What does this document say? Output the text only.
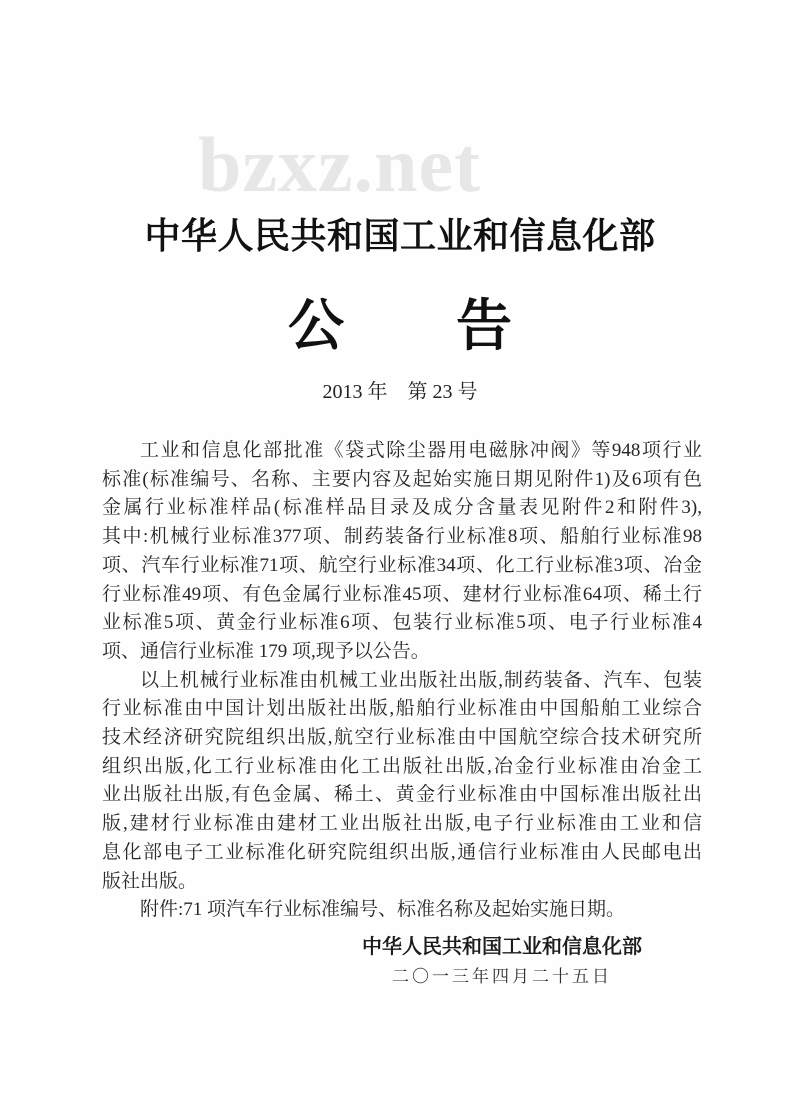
bzxz.net
中华人民共和国工业和信息化部
公　　告
2013 年　第 23 号
工业和信息化部批准《袋式除尘器用电磁脉冲阀》等948项行业
标准(标准编号、名称、主要内容及起始实施日期见附件1)及6项有色
金属行业标准样品(标准样品目录及成分含量表见附件2和附件3),
其中:机械行业标准377项、制药装备行业标准8项、船舶行业标准98
项、汽车行业标准71项、航空行业标准34项、化工行业标准3项、冶金
行业标准49项、有色金属行业标准45项、建材行业标准64项、稀土行
业标准5项、黄金行业标准6项、包装行业标准5项、电子行业标准4
项、通信行业标准 179 项,现予以公告。
以上机械行业标准由机械工业出版社出版,制药装备、汽车、包装
行业标准由中国计划出版社出版,船舶行业标准由中国船舶工业综合
技术经济研究院组织出版,航空行业标准由中国航空综合技术研究所
组织出版,化工行业标准由化工出版社出版,冶金行业标准由冶金工
业出版社出版,有色金属、稀土、黄金行业标准由中国标准出版社出
版,建材行业标准由建材工业出版社出版,电子行业标准由工业和信
息化部电子工业标准化研究院组织出版,通信行业标准由人民邮电出
版社出版。
附件:71 项汽车行业标准编号、标准名称及起始实施日期。
中华人民共和国工业和信息化部
二〇一三年四月二十五日
